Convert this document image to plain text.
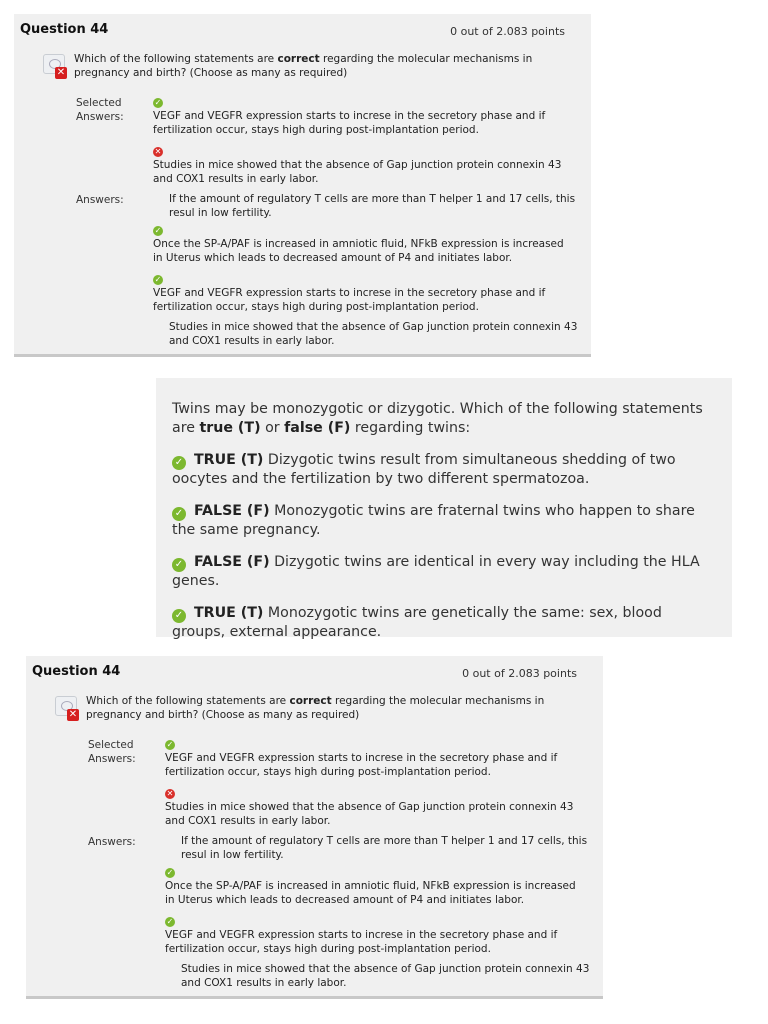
Question 44	0 out of 2.083 points
✕
Which of the following statements are correct regarding the molecular mechanisms in pregnancy and birth? (Choose as many as required)
Selected Answers:
✓
VEGF and VEGFR expression starts to increse in the secretory phase and if fertilization occur, stays high during post-implantation period.
✕
Studies in mice showed that the absence of Gap junction protein connexin 43 and COX1 results in early labor.
Answers:	If the amount of regulatory T cells are more than T helper 1 and 17 cells, this resul in low fertility.
✓
Once the SP-A/PAF is increased in amniotic fluid, NFkB expression is increased in Uterus which leads to decreased amount of P4 and initiates labor.
✓
VEGF and VEGFR expression starts to increse in the secretory phase and if fertilization occur, stays high during post-implantation period.
Studies in mice showed that the absence of Gap junction protein connexin 43 and COX1 results in early labor.

Twins may be monozygotic or dizygotic. Which of the following statements are true (T) or false (F) regarding twins:

✓ TRUE (T) Dizygotic twins result from simultaneous shedding of two oocytes and the fertilization by two different spermatozoa.

✓ FALSE (F) Monozygotic twins are fraternal twins who happen to share the same pregnancy.

✓ FALSE (F) Dizygotic twins are identical in every way including the HLA genes.

✓ TRUE (T) Monozygotic twins are genetically the same: sex, blood groups, external appearance.

Question 44	0 out of 2.083 points
✕
Which of the following statements are correct regarding the molecular mechanisms in pregnancy and birth? (Choose as many as required)
Selected Answers:
✓
VEGF and VEGFR expression starts to increse in the secretory phase and if fertilization occur, stays high during post-implantation period.
✕
Studies in mice showed that the absence of Gap junction protein connexin 43 and COX1 results in early labor.
Answers:	If the amount of regulatory T cells are more than T helper 1 and 17 cells, this resul in low fertility.
✓
Once the SP-A/PAF is increased in amniotic fluid, NFkB expression is increased in Uterus which leads to decreased amount of P4 and initiates labor.
✓
VEGF and VEGFR expression starts to increse in the secretory phase and if fertilization occur, stays high during post-implantation period.
Studies in mice showed that the absence of Gap junction protein connexin 43 and COX1 results in early labor.
